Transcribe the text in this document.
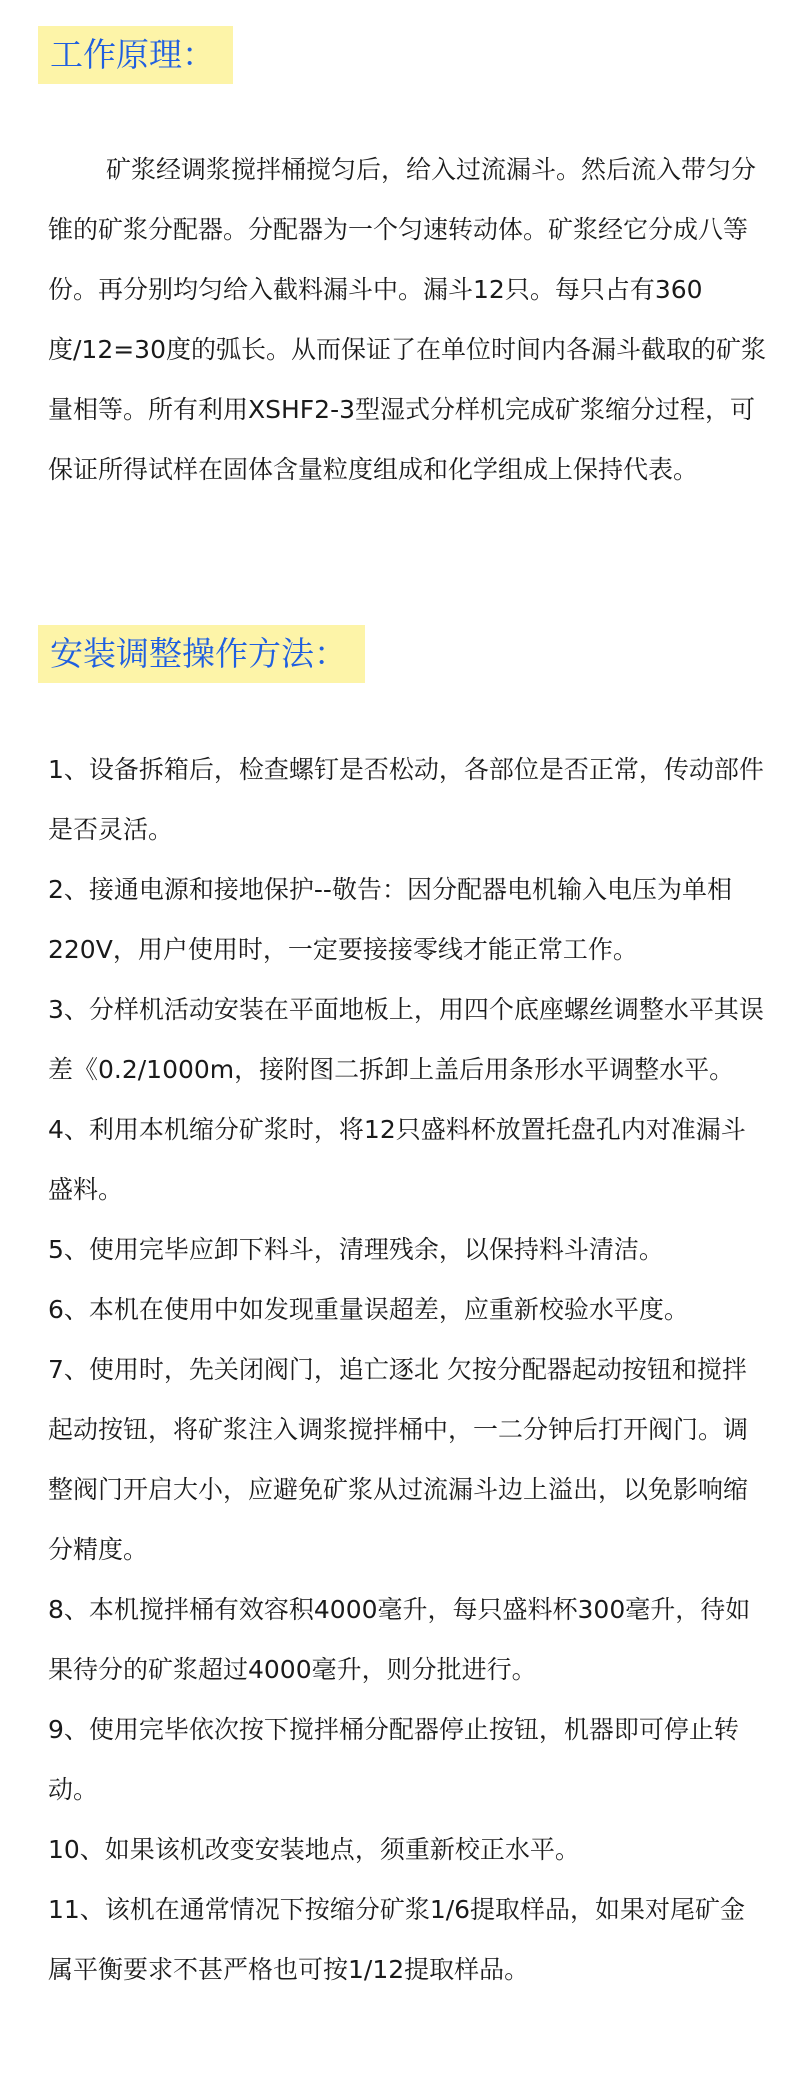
工作原理：

矿浆经调浆搅拌桶搅匀后，给入过流漏斗。然后流入带匀分锥的矿浆分配器。分配器为一个匀速转动体。矿浆经它分成八等份。再分别均匀给入截料漏斗中。漏斗12只。每只占有360度/12=30度的弧长。从而保证了在单位时间内各漏斗截取的矿浆量相等。所有利用XSHF2-3型湿式分样机完成矿浆缩分过程，可保证所得试样在固体含量粒度组成和化学组成上保持代表。

安装调整操作方法：

1、设备拆箱后，检查螺钉是否松动，各部位是否正常，传动部件是否灵活。

2、接通电源和接地保护--敬告：因分配器电机输入电压为单相220V，用户使用时，一定要接接零线才能正常工作。

3、分样机活动安装在平面地板上，用四个底座螺丝调整水平其误差《0.2/1000m，接附图二拆卸上盖后用条形水平调整水平。

4、利用本机缩分矿浆时，将12只盛料杯放置托盘孔内对准漏斗盛料。

5、使用完毕应卸下料斗，清理残余，以保持料斗清洁。

6、本机在使用中如发现重量误超差，应重新校验水平度。

7、使用时，先关闭阀门，追亡逐北 欠按分配器起动按钮和搅拌起动按钮，将矿浆注入调浆搅拌桶中，一二分钟后打开阀门。调整阀门开启大小，应避免矿浆从过流漏斗边上溢出，以免影响缩分精度。

8、本机搅拌桶有效容积4000毫升，每只盛料杯300毫升，待如果待分的矿浆超过4000毫升，则分批进行。

9、使用完毕依次按下搅拌桶分配器停止按钮，机器即可停止转动。

10、如果该机改变安装地点，须重新校正水平。

11、该机在通常情况下按缩分矿浆1/6提取样品，如果对尾矿金属平衡要求不甚严格也可按1/12提取样品。
